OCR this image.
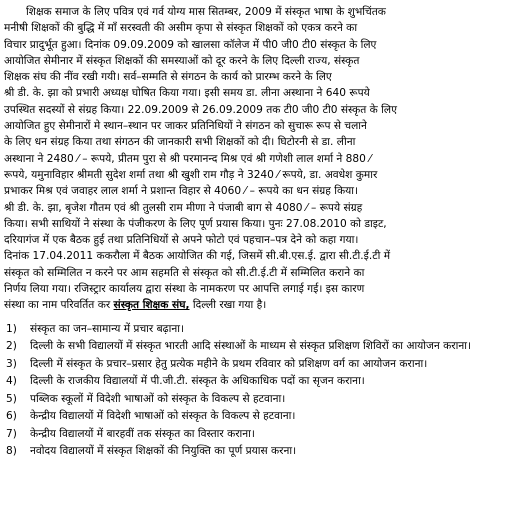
शिक्षक समाज के लिए पवित्र एवं गर्व योग्य मास सितम्बर, 2009 में संस्कृत भाषा के शुभचिंतक
मनीषी शिक्षकों की बुद्धि में माँ सरस्वती की असीम कृपा से संस्कृत शिक्षकों को एकत्र करने का
विचार प्रादुर्भूत हुआ। दिनांक 09.09.2009 को खालसा कॉलेज में पी0 जी0 टी0 संस्कृत के लिए
आयोजित सेमीनार में संस्कृत शिक्षकों की समस्याओं को दूर करने के लिए दिल्ली राज्य, संस्कृत
शिक्षक संघ की नींव रखी गयी। सर्व–सम्मति से संगठन के कार्य को प्रारम्भ करने के लिए
श्री डी. के. झा को प्रभारी अध्यक्ष घोषित किया गया। इसी समय डा. लीना अस्थाना ने 640 रूपये
उपस्थित सदस्यों से संग्रह किया। 22.09.2009 से 26.09.2009 तक टी0 जी0 टी0 संस्कृत के लिए
आयोजित हुए सेमीनारों मे स्थान–स्थान पर जाकर प्रतिनिधियों ने संगठन को सुचारू रूप से चलाने
के लिए धन संग्रह किया तथा संगठन की जानकारी सभी शिक्षकों को दी। घिटोरनी से डा. लीना
अस्थाना ने 2480 ⁄ – रूपये, प्रीतम पुरा से श्री परमानन्द मिश्र एवं श्री गणेशी लाल शर्मा ने 880 ⁄
रूपये, यमुनाविहार श्रीमती सुदेश शर्मा तथा श्री खुशी राम गौड़ ने 3240 ⁄ रूपये, डा. अवधेश कुमार
प्रभाकर मिश्र एवं जवाहर लाल शर्मा ने प्रशान्त विहार से 4060 ⁄ – रूपये का धन संग्रह किया।
श्री डी. के. झा, बृजेश गौतम एवं श्री तुलसी राम मीणा ने पंजाबी बाग से 4080 ⁄ – रूपये संग्रह
किया। सभी साथियों ने संस्था के पंजीकरण के लिए पूर्ण प्रयास किया। पुनः 27.08.2010 को डाइट,
दरियागंज में एक बैठक हुई तथा प्रतिनिधियों से अपने फोटो एवं पहचान–पत्र देने को कहा गया।
दिनांक 17.04.2011 ककरौला में बैठक आयोजित की गई, जिसमें सी.बी.एस.ई. द्वारा सी.टी.ई.टी में
संस्कृत को सम्मिलित न करने पर आम सहमति से संस्कृत को सी.टी.ई.टी में सम्मिलित कराने का
निर्णय लिया गया। रजिस्ट्रार कार्यालय द्वारा संस्था के नामकरण पर आपत्ति लगाई गई। इस कारण
संस्था का नाम परिवर्तित कर संस्कृत शिक्षक संघ, दिल्ली रखा गया है।

1)	संस्कृत का जन–सामान्य में प्रचार बढ़ाना।
2)	दिल्ली के सभी विद्यालयों में संस्कृत भारती आदि संस्थाओं के माध्यम से संस्कृत प्रशिक्षण शिविरों का आयोजन कराना।
3)	दिल्ली में संस्कृत के प्रचार–प्रसार हेतु प्रत्येक महीने के प्रथम रविवार को प्रशिक्षण वर्ग का आयोजन कराना।
4)	दिल्ली के राजकीय विद्यालयों में पी.जी.टी. संस्कृत के अधिकाधिक पदों का सृजन कराना।
5)	पब्लिक स्कूलों में विदेशी भाषाओं को संस्कृत के विकल्प से हटवाना।
6)	केन्द्रीय विद्यालयों में विदेशी भाषाओं को संस्कृत के विकल्प से हटवाना।
7)	केन्द्रीय विद्यालयों में बारहवीं तक संस्कृत का विस्तार कराना।
8)	नवोदय विद्यालयों में संस्कृत शिक्षकों की नियुक्ति का पूर्ण प्रयास करना।
